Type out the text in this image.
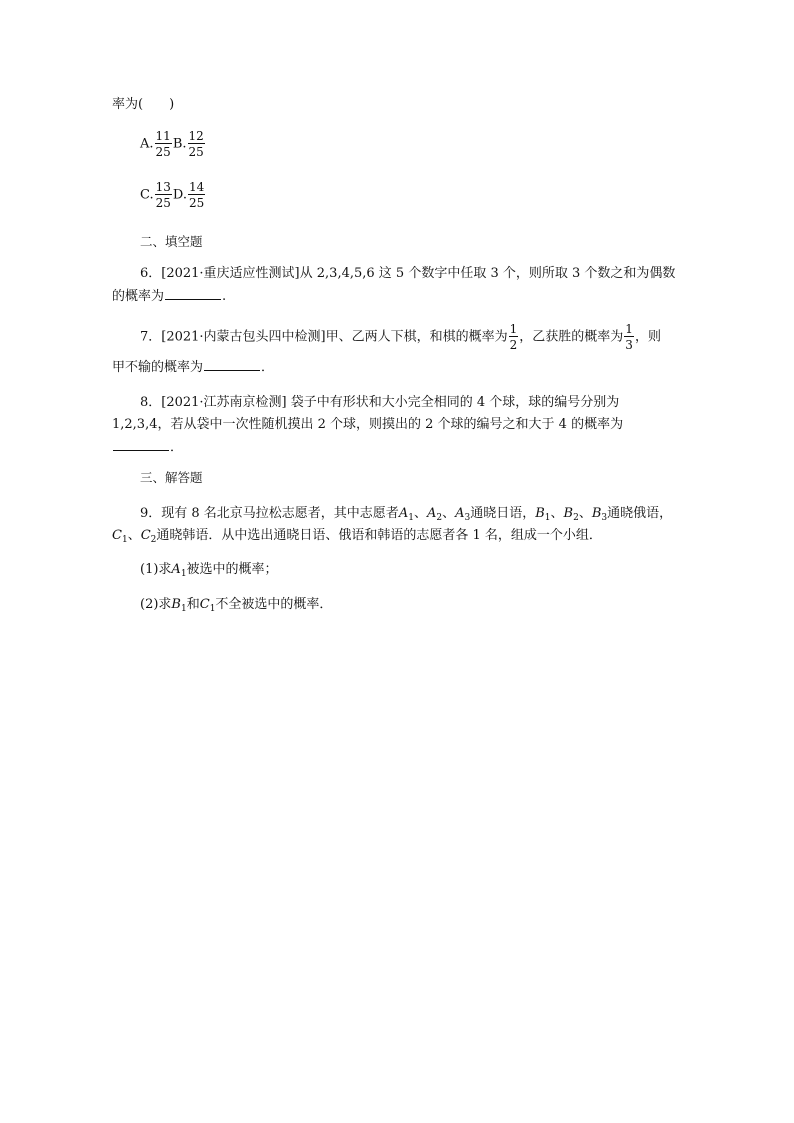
率为(　　)
A. $\frac{11}{25} B$. $\frac{12}{25}$
C. $\frac{13}{25} D$. $\frac{14}{25}$
二、填空题
6．[2021·重庆适应性测试]从 2,3,4,5,6 这 5 个数字中任取 3 个，则所取 3 个数之和为偶数
的概率为	.
7．[2021·内蒙古包头四中检测]甲、乙两人下棋，和棋的概率为 $\frac{1}{2}$ ，乙获胜的概率为 $\frac{1}{3}$ ，则
甲不输的概率为	．
8．[2021·江苏南京检测] 袋子中有形状和大小完全相同的 4 个球，球的编号分别为
1,2,3,4，若从袋中一次性随机摸出 2 个球，则摸出的 2 个球的编号之和大于 4 的概率为
．
三、解答题
9．现有 8 名北京马拉松志愿者，其中志愿者$A_1$、$A_2$、$A_3$通晓日语，$B_1$、$B_2$、$B_3$通晓俄语，
$C_1$、$C_2$通晓韩语．从中选出通晓日语、俄语和韩语的志愿者各 1 名，组成一个小组．
(1)求$A_1$被选中的概率；
(2)求$B_1$和$C_1$不全被选中的概率．
